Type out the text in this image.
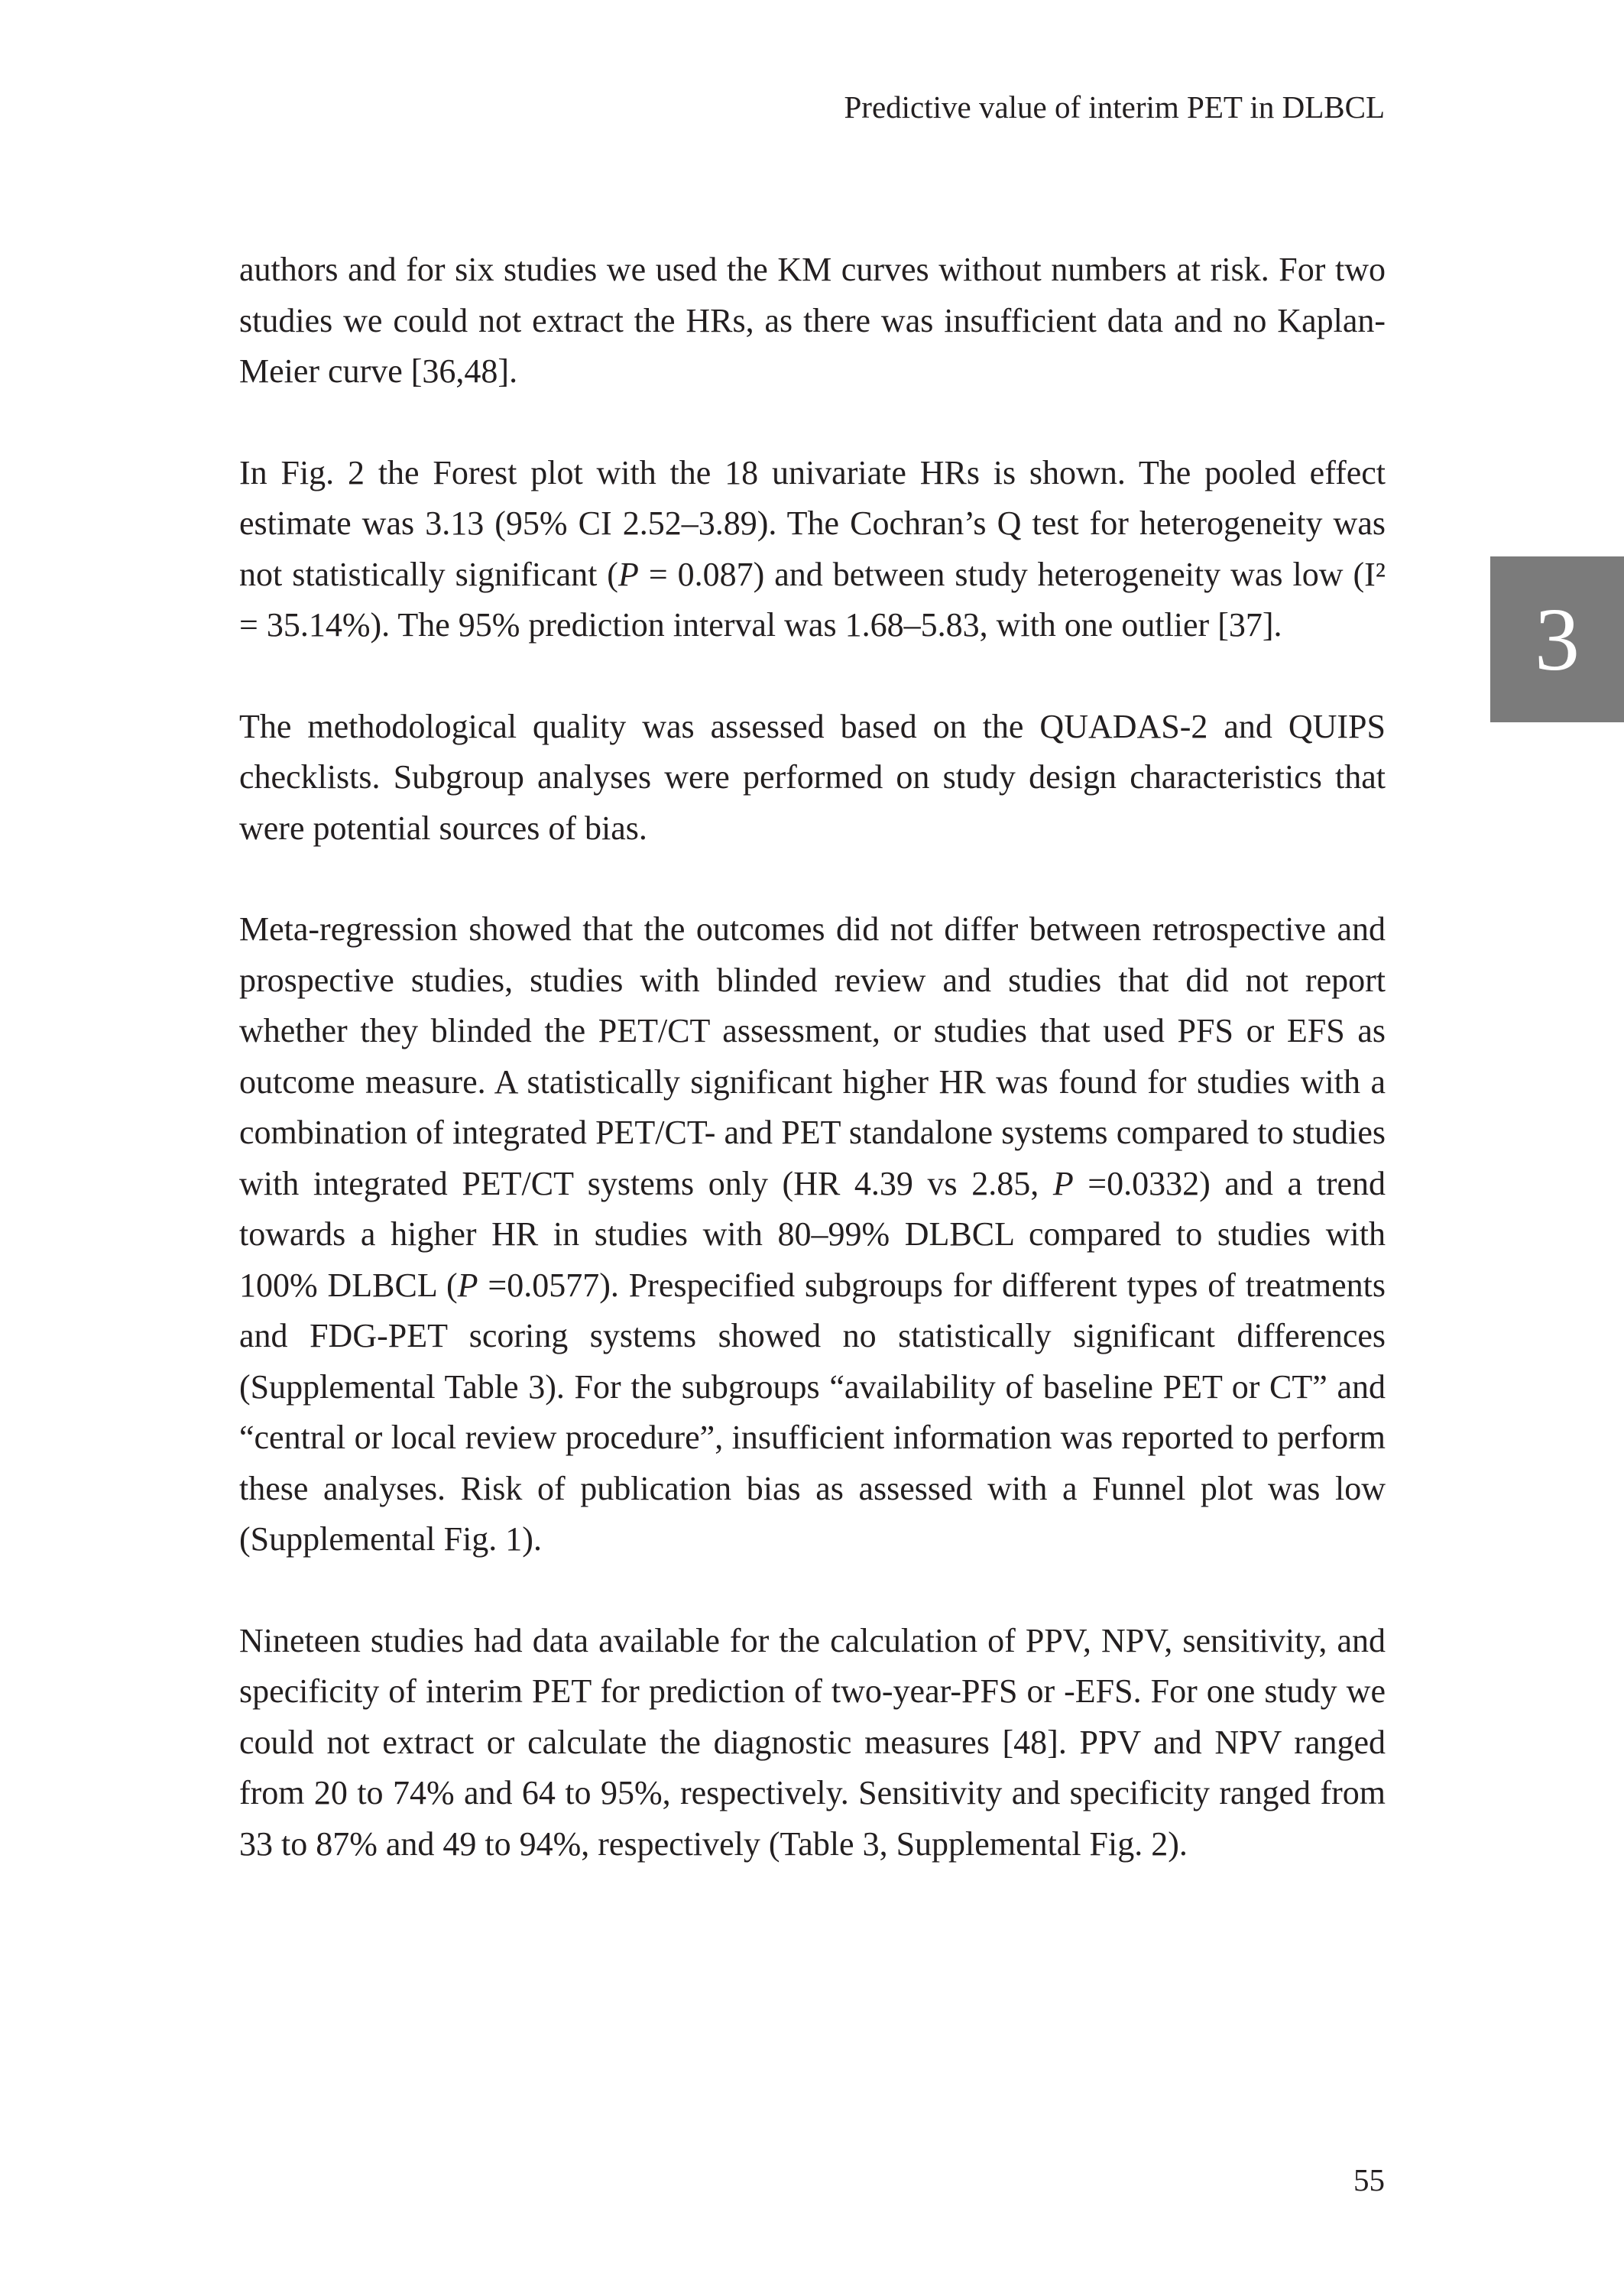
Predictive value of interim PET in DLBCL
3

authors and for six studies we used the KM curves without numbers at risk. For two studies we could not extract the HRs, as there was insufficient data and no Kaplan-Meier curve [36,48].

In Fig. 2 the Forest plot with the 18 univariate HRs is shown. The pooled effect estimate was 3.13 (95% CI 2.52–3.89). The Cochran’s Q test for heterogeneity was not statistically significant (P = 0.087) and between study heterogeneity was low (I² = 35.14%). The 95% prediction interval was 1.68–5.83, with one outlier [37].

The methodological quality was assessed based on the QUADAS-2 and QUIPS checklists. Subgroup analyses were performed on study design characteristics that were potential sources of bias.

Meta-regression showed that the outcomes did not differ between retrospective and prospective studies, studies with blinded review and studies that did not report whether they blinded the PET/CT assessment, or studies that used PFS or EFS as outcome measure. A statistically significant higher HR was found for studies with a combination of integrated PET/CT- and PET standalone systems compared to studies with integrated PET/CT systems only (HR 4.39 vs 2.85, P =0.0332) and a trend towards a higher HR in studies with 80–99% DLBCL compared to studies with 100% DLBCL (P =0.0577). Prespecified subgroups for different types of treatments and FDG-PET scoring systems showed no statistically significant differences (Supplemental Table 3). For the subgroups “availability of baseline PET or CT” and “central or local review procedure”, insufficient information was reported to perform these analyses. Risk of publication bias as assessed with a Funnel plot was low (Supplemental Fig. 1).

Nineteen studies had data available for the calculation of PPV, NPV, sensitivity, and specificity of interim PET for prediction of two-year-PFS or -EFS. For one study we could not extract or calculate the diagnostic measures [48]. PPV and NPV ranged from 20 to 74% and 64 to 95%, respectively. Sensitivity and specificity ranged from 33 to 87% and 49 to 94%, respectively (Table 3, Supplemental Fig. 2).

55
